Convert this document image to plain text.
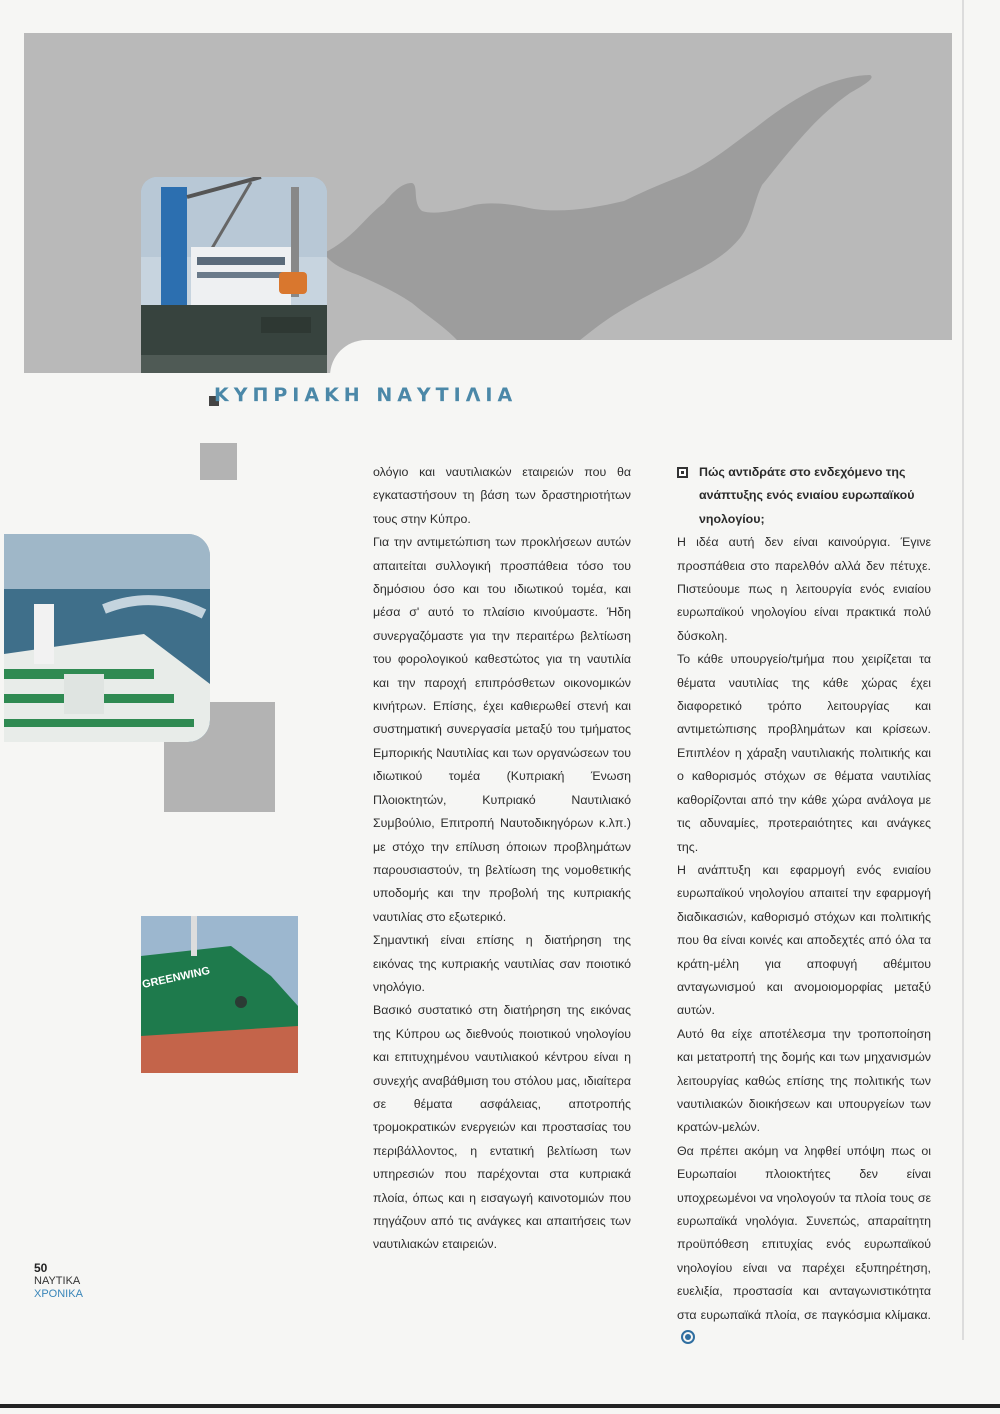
ΚΥΠΡΙΑΚΗ ΝΑΥΤΙΛΙΑ
GREENWING

ολόγιο και ναυτιλιακών εταιρειών που θα εγκαταστήσουν τη βάση των δραστηριοτήτων τους στην Κύπρο.

Για την αντιμετώπιση των προκλήσεων αυτών απαιτείται συλλογική προσπάθεια τόσο του δημόσιου όσο και του ιδιωτικού τομέα, και μέσα σ' αυτό το πλαίσιο κινούμαστε. Ήδη συνεργαζόμαστε για την περαιτέρω βελτίωση του φορολογικού καθεστώτος για τη ναυτιλία και την παροχή επιπρόσθετων οικονομικών κινήτρων. Επίσης, έχει καθιερωθεί στενή και συστηματική συνεργασία μεταξύ του τμήματος Εμπορικής Ναυτιλίας και των οργανώσεων του ιδιωτικού τομέα (Κυπριακή Ένωση Πλοιοκτητών, Κυπριακό Ναυτιλιακό Συμβούλιο, Επιτροπή Ναυτοδικηγόρων κ.λπ.) με στόχο την επίλυση όποιων προβλημάτων παρουσιαστούν, τη βελτίωση της νομοθετικής υποδομής και την προβολή της κυπριακής ναυτιλίας στο εξωτερικό.

Σημαντική είναι επίσης η διατήρηση της εικόνας της κυπριακής ναυτιλίας σαν ποιοτικό νηολόγιο.

Βασικό συστατικό στη διατήρηση της εικόνας της Κύπρου ως διεθνούς ποιοτικού νηολογίου και επιτυχημένου ναυτιλιακού κέντρου είναι η συνεχής αναβάθμιση του στόλου μας, ιδιαίτερα σε θέματα ασφάλειας, αποτροπής τρομοκρατικών ενεργειών και προστασίας του περιβάλλοντος, η εντατική βελτίωση των υπηρεσιών που παρέχονται στα κυπριακά πλοία, όπως και η εισαγωγή καινοτομιών που πηγάζουν από τις ανάγκες και απαιτήσεις των ναυτιλιακών εταιρειών.

Πώς αντιδράτε στο ενδεχόμενο της ανάπτυξης ενός ενιαίου ευρωπαϊκού νηολογίου;

Η ιδέα αυτή δεν είναι καινούργια. Έγινε προσπάθεια στο παρελθόν αλλά δεν πέτυχε. Πιστεύουμε πως η λειτουργία ενός ενιαίου ευρωπαϊκού νηολογίου είναι πρακτικά πολύ δύσκολη.

Το κάθε υπουργείο/τμήμα που χειρίζεται τα θέματα ναυτιλίας της κάθε χώρας έχει διαφορετικό τρόπο λειτουργίας και αντιμετώπισης προβλημάτων και κρίσεων. Επιπλέον η χάραξη ναυτιλιακής πολιτικής και ο καθορισμός στόχων σε θέματα ναυτιλίας καθορίζονται από την κάθε χώρα ανάλογα με τις αδυναμίες, προτεραιότητες και ανάγκες της.

Η ανάπτυξη και εφαρμογή ενός ενιαίου ευρωπαϊκού νηολογίου απαιτεί την εφαρμογή διαδικασιών, καθορισμό στόχων και πολιτικής που θα είναι κοινές και αποδεχτές από όλα τα κράτη-μέλη για αποφυγή αθέμιτου ανταγωνισμού και ανομοιομορφίας μεταξύ αυτών.

Αυτό θα είχε αποτέλεσμα την τροποποίηση και μετατροπή της δομής και των μηχανισμών λειτουργίας καθώς επίσης της πολιτικής των ναυτιλιακών διοικήσεων και υπουργείων των κρατών-μελών.

Θα πρέπει ακόμη να ληφθεί υπόψη πως οι Ευρωπαίοι πλοιοκτήτες δεν είναι υποχρεωμένοι να νηολογούν τα πλοία τους σε ευρωπαϊκά νηολόγια. Συνεπώς, απαραίτητη προϋπόθεση επιτυχίας ενός ευρωπαϊκού νηολογίου είναι να παρέχει εξυπηρέτηση, ευελιξία, προστασία και ανταγωνιστικότητα στα ευρωπαϊκά πλοία, σε παγκόσμια κλίμακα.

50
ΝΑΥΤΙΚΑ
ΧΡΟΝΙΚΑ
